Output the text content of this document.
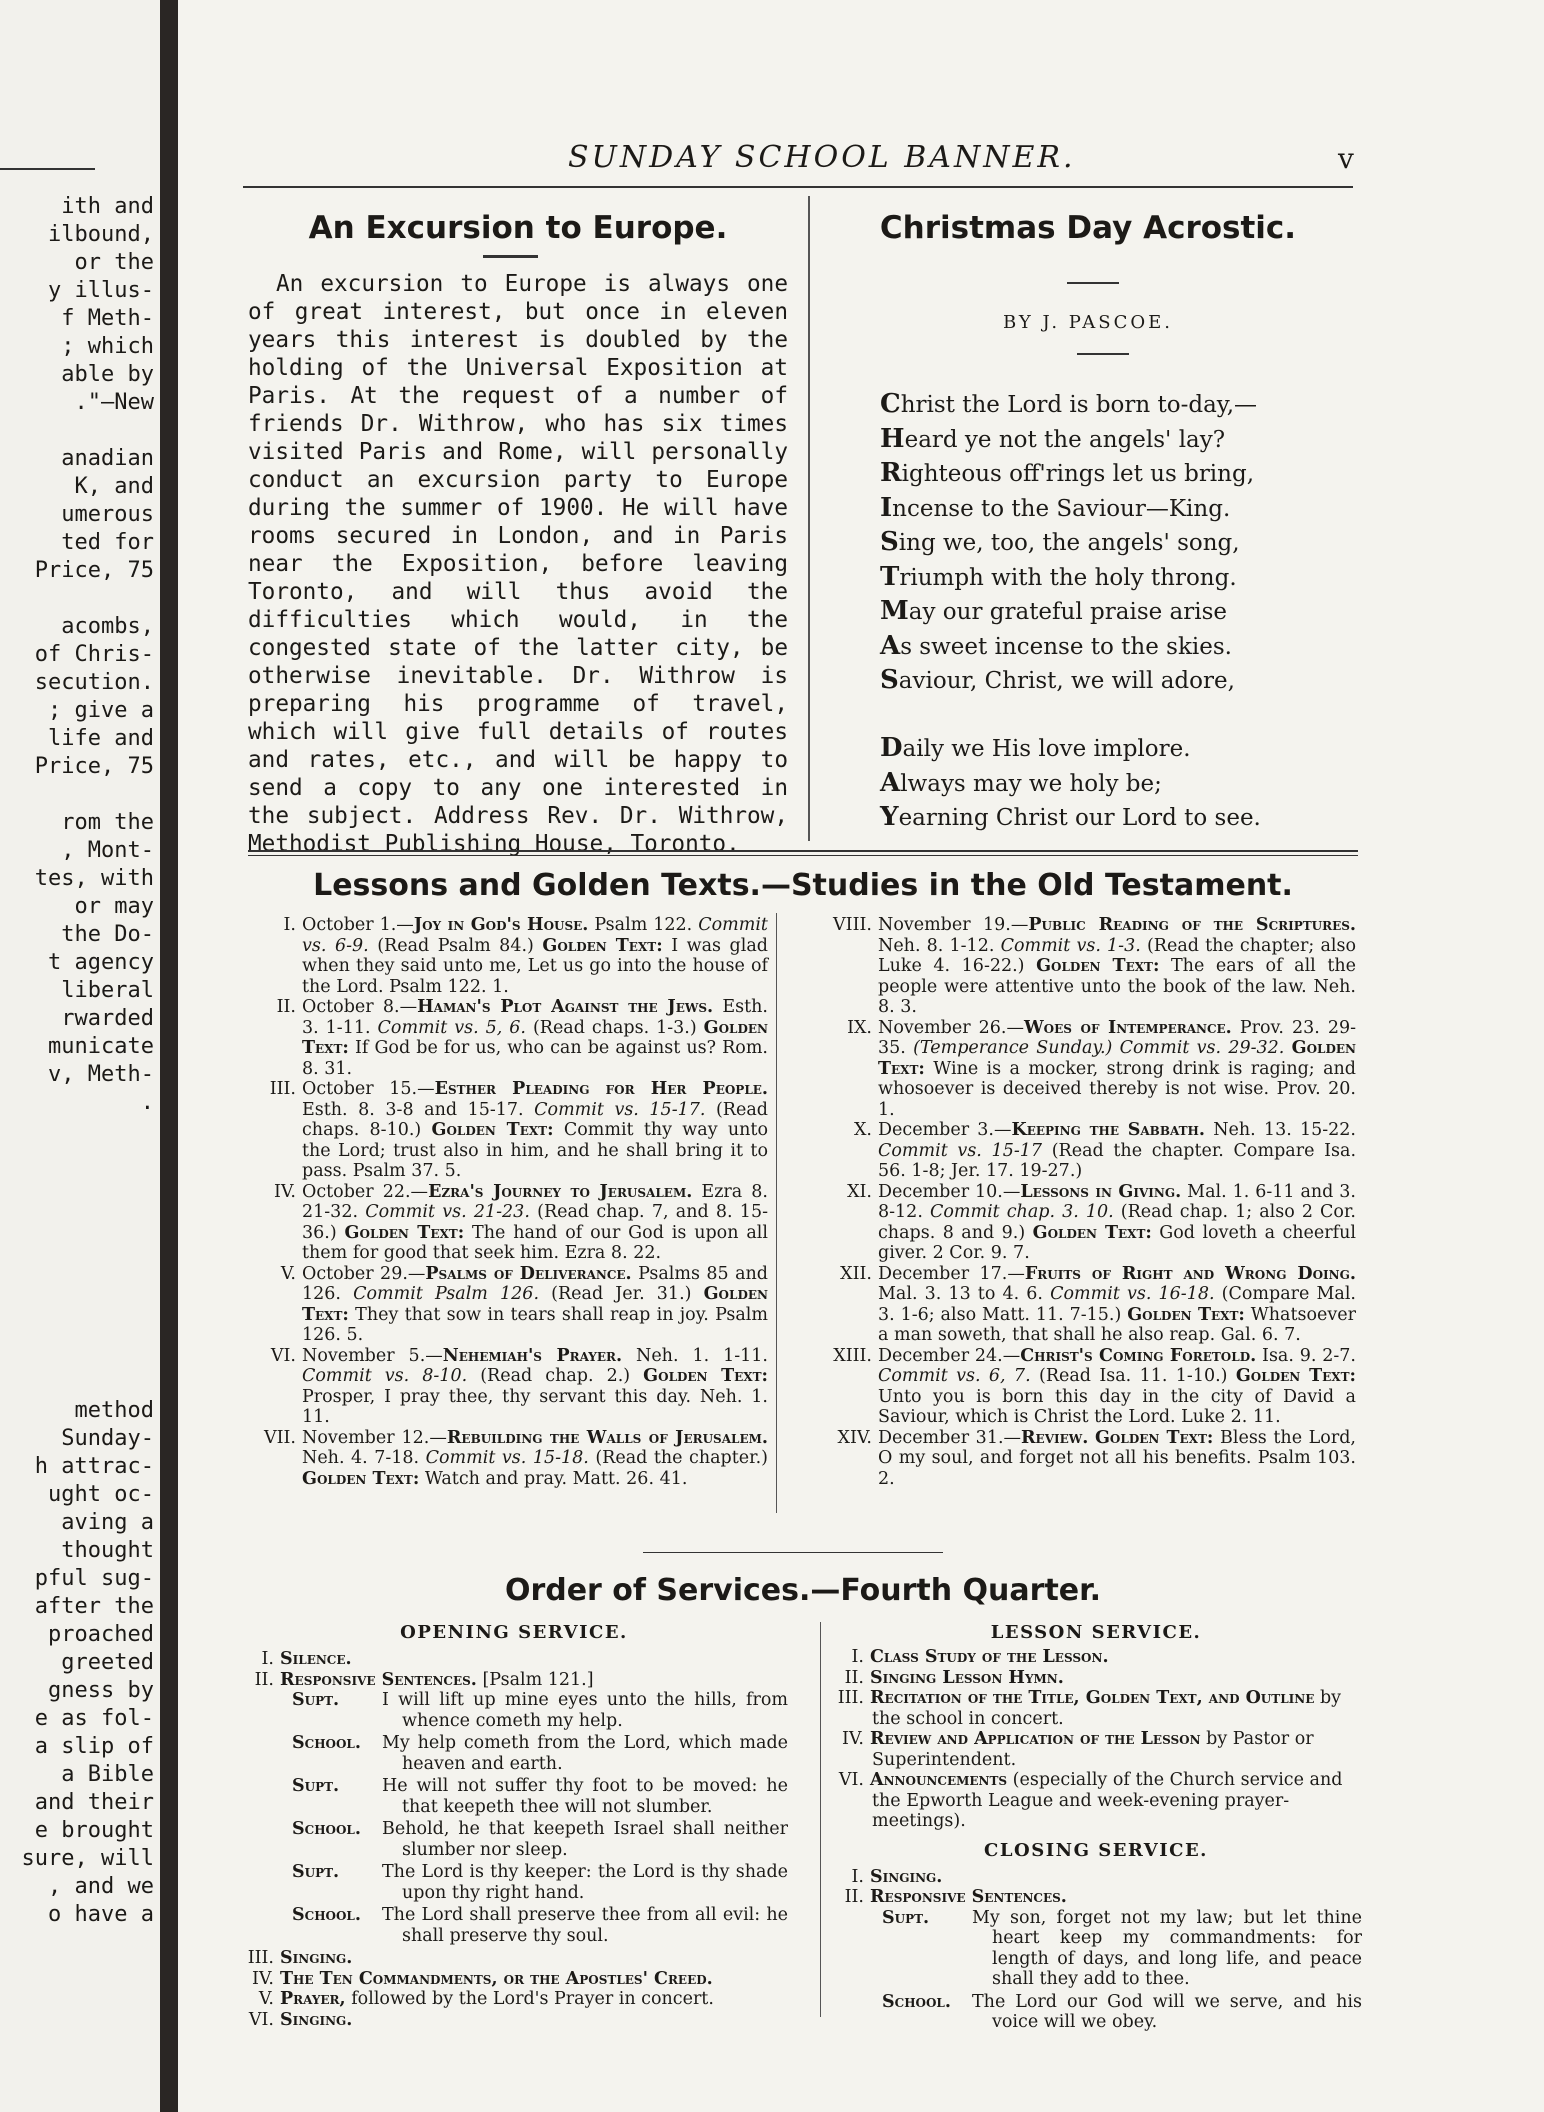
ith and
ilbound,
or the
y illus-
f Meth-
; which
able by
."—New
anadian
K, and
umerous
ted for
Price, 75
acombs,
of Chris-
secution.
; give a
life and
Price, 75
rom the
, Mont-
tes, with
or may
the Do-
t agency
liberal
rwarded
municate
v, Meth-
.
method
Sunday-
h attrac-
ught oc-
aving a
thought
pful sug-
after the
proached
greeted
gness by
e as fol-
a slip of
a Bible
and their
e brought
sure, will
, and we
o have a
SUNDAY SCHOOL BANNER.	v
An Excursion to Europe.

An excursion to Europe is always one of great interest, but once in eleven years this interest is doubled by the holding of the Universal Exposition at Paris. At the request of a number of friends Dr. Withrow, who has six times visited Paris and Rome, will personally conduct an excursion party to Europe during the summer of 1900. He will have rooms secured in London, and in Paris near the Exposition, before leaving Toronto, and will thus avoid the difficulties which would, in the congested state of the latter city, be otherwise inevitable. Dr. Withrow is preparing his programme of travel, which will give full details of routes and rates, etc., and will be happy to send a copy to any one interested in the subject. Address Rev. Dr. Withrow, Methodist Publishing House, Toronto.

Christmas Day Acrostic.
BY J. PASCOE.
Christ the Lord is born to-day,—
Heard ye not the angels' lay?
Righteous off'rings let us bring,
Incense to the Saviour—King.
Sing we, too, the angels' song,
Triumph with the holy throng.
May our grateful praise arise
As sweet incense to the skies.
Saviour, Christ, we will adore,

Daily we His love implore.
Always may we holy be;
Yearning Christ our Lord to see.
Lessons and Golden Texts.—Studies in the Old Testament.

I. October 1.—Joy in God's House. Psalm 122. Commit vs. 6-9. (Read Psalm 84.) Golden Text: I was glad when they said unto me, Let us go into the house of the Lord. Psalm 122. 1.

II. October 8.—Haman's Plot Against the Jews. Esth. 3. 1-11. Commit vs. 5, 6. (Read chaps. 1-3.) Golden Text: If God be for us, who can be against us? Rom. 8. 31.

III. October 15.—Esther Pleading for Her People. Esth. 8. 3-8 and 15-17. Commit vs. 15-17. (Read chaps. 8-10.) Golden Text: Commit thy way unto the Lord; trust also in him, and he shall bring it to pass. Psalm 37. 5.

IV. October 22.—Ezra's Journey to Jerusalem. Ezra 8. 21-32. Commit vs. 21-23. (Read chap. 7, and 8. 15-36.) Golden Text: The hand of our God is upon all them for good that seek him. Ezra 8. 22.

V. October 29.—Psalms of Deliverance. Psalms 85 and 126. Commit Psalm 126. (Read Jer. 31.) Golden Text: They that sow in tears shall reap in joy. Psalm 126. 5.

VI. November 5.—Nehemiah's Prayer. Neh. 1. 1-11. Commit vs. 8-10. (Read chap. 2.) Golden Text: Prosper, I pray thee, thy servant this day. Neh. 1. 11.

VII. November 12.—Rebuilding the Walls of Jerusalem. Neh. 4. 7-18. Commit vs. 15-18. (Read the chapter.) Golden Text: Watch and pray. Matt. 26. 41.

VIII. November 19.—Public Reading of the Scriptures. Neh. 8. 1-12. Commit vs. 1-3. (Read the chapter; also Luke 4. 16-22.) Golden Text: The ears of all the people were attentive unto the book of the law. Neh. 8. 3.

IX. November 26.—Woes of Intemperance. Prov. 23. 29-35. (Temperance Sunday.) Commit vs. 29-32. Golden Text: Wine is a mocker, strong drink is raging; and whosoever is deceived thereby is not wise. Prov. 20. 1.

X. December 3.—Keeping the Sabbath. Neh. 13. 15-22. Commit vs. 15-17 (Read the chapter. Compare Isa. 56. 1-8; Jer. 17. 19-27.)

XI. December 10.—Lessons in Giving. Mal. 1. 6-11 and 3. 8-12. Commit chap. 3. 10. (Read chap. 1; also 2 Cor. chaps. 8 and 9.) Golden Text: God loveth a cheerful giver. 2 Cor. 9. 7.

XII. December 17.—Fruits of Right and Wrong Doing. Mal. 3. 13 to 4. 6. Commit vs. 16-18. (Compare Mal. 3. 1-6; also Matt. 11. 7-15.) Golden Text: Whatsoever a man soweth, that shall he also reap. Gal. 6. 7.

XIII. December 24.—Christ's Coming Foretold. Isa. 9. 2-7. Commit vs. 6, 7. (Read Isa. 11. 1-10.) Golden Text: Unto you is born this day in the city of David a Saviour, which is Christ the Lord. Luke 2. 11.

XIV. December 31.—Review. Golden Text: Bless the Lord, O my soul, and forget not all his benefits. Psalm 103. 2.

Order of Services.—Fourth Quarter.
OPENING SERVICE.

I. Silence.

II. Responsive Sentences. [Psalm 121.]

Supt.	I will lift up mine eyes unto the hills, from whence cometh my help.
School.	My help cometh from the Lord, which made heaven and earth.
Supt.	He will not suffer thy foot to be moved: he that keepeth thee will not slumber.
School.	Behold, he that keepeth Israel shall neither slumber nor sleep.
Supt.	The Lord is thy keeper: the Lord is thy shade upon thy right hand.
School.	The Lord shall preserve thee from all evil: he shall preserve thy soul.

III. Singing.

IV. The Ten Commandments, or the Apostles' Creed.

V. Prayer, followed by the Lord's Prayer in concert.

VI. Singing.

LESSON SERVICE.

I. Class Study of the Lesson.

II. Singing Lesson Hymn.

III. Recitation of the Title, Golden Text, and Outline by the school in concert.

IV. Review and Application of the Lesson by Pastor or Superintendent.

VI. Announcements (especially of the Church service and the Epworth League and week-evening prayer-meetings).

CLOSING SERVICE.

I. Singing.

II. Responsive Sentences.

Supt.	My son, forget not my law; but let thine heart keep my commandments: for length of days, and long life, and peace shall they add to thee.
School.	The Lord our God will we serve, and his voice will we obey.
